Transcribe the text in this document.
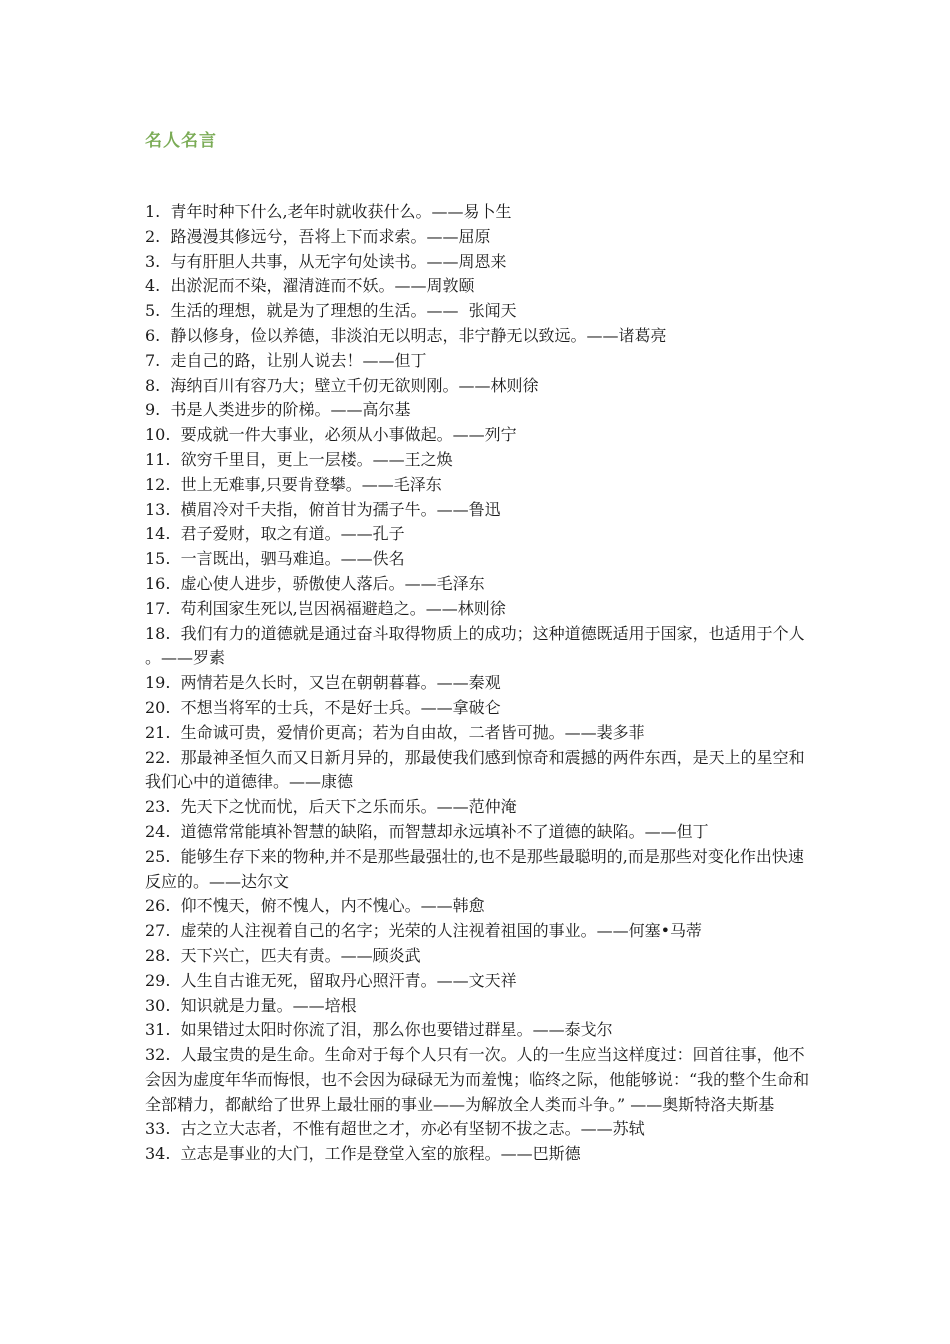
名人名言
1.  青年时种下什么,老年时就收获什么。——易卜生
2.  路漫漫其修远兮，吾将上下而求索。——屈原
3.  与有肝胆人共事，从无字句处读书。——周恩来
4.  出淤泥而不染，濯清涟而不妖。——周敦颐
5.  生活的理想，就是为了理想的生活。——  张闻天
6.  静以修身，俭以养德，非淡泊无以明志，非宁静无以致远。——诸葛亮
7.  走自己的路，让别人说去！——但丁
8.  海纳百川有容乃大；壁立千仞无欲则刚。——林则徐
9.  书是人类进步的阶梯。——高尔基
10.  要成就一件大事业，必须从小事做起。——列宁
11.  欲穷千里目，更上一层楼。——王之焕
12.  世上无难事,只要肯登攀。——毛泽东
13.  横眉冷对千夫指，俯首甘为孺子牛。——鲁迅
14.  君子爱财，取之有道。——孔子
15.  一言既出，驷马难追。——佚名
16.  虚心使人进步，骄傲使人落后。——毛泽东
17.  苟利国家生死以,岂因祸福避趋之。——林则徐
18.  我们有力的道德就是通过奋斗取得物质上的成功；这种道德既适用于国家，也适用于个人 。——罗素
19.  两情若是久长时，又岂在朝朝暮暮。——秦观
20.  不想当将军的士兵，不是好士兵。——拿破仑
21.  生命诚可贵，爱情价更高；若为自由故，二者皆可抛。——裴多菲
22.  那最神圣恒久而又日新月异的，那最使我们感到惊奇和震撼的两件东西，是天上的星空和我们心中的道德律。——康德
23.  先天下之忧而忧，后天下之乐而乐。——范仲淹
24.  道德常常能填补智慧的缺陷，而智慧却永远填补不了道德的缺陷。——但丁
25.  能够生存下来的物种,并不是那些最强壮的,也不是那些最聪明的,而是那些对变化作出快速反应的。——达尔文
26.  仰不愧天，俯不愧人，内不愧心。——韩愈
27.  虚荣的人注视着自己的名字；光荣的人注视着祖国的事业。——何塞•马蒂
28.  天下兴亡，匹夫有责。——顾炎武
29.  人生自古谁无死，留取丹心照汗青。——文天祥
30.  知识就是力量。——培根
31.  如果错过太阳时你流了泪，那么你也要错过群星。——泰戈尔
32.  人最宝贵的是生命。生命对于每个人只有一次。人的一生应当这样度过：回首往事，他不会因为虚度年华而悔恨，也不会因为碌碌无为而羞愧；临终之际，他能够说：“我的整个生命和全部精力，都献给了世界上最壮丽的事业——为解放全人类而斗争。” ——奥斯特洛夫斯基
33.  古之立大志者，不惟有超世之才，亦必有坚韧不拔之志。——苏轼
34.  立志是事业的大门，工作是登堂入室的旅程。——巴斯德
